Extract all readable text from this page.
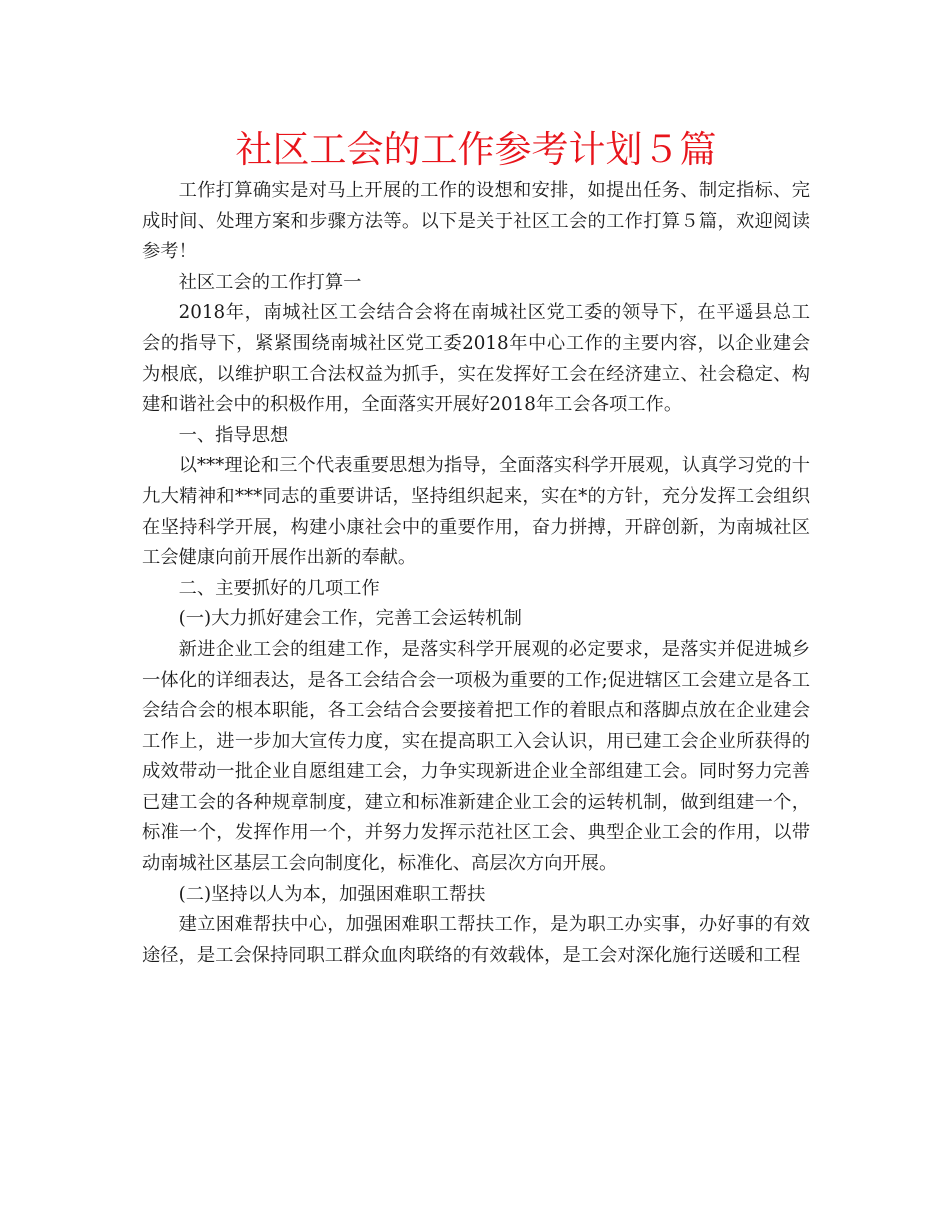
社区工会的工作参考计划５篇

工作打算确实是对马上开展的工作的设想和安排，如提出任务、制定指标、完成时间、处理方案和步骤方法等。以下是关于社区工会的工作打算５篇，欢迎阅读参考！

社区工会的工作打算一

2018年，南城社区工会结合会将在南城社区党工委的领导下，在平遥县总工会的指导下，紧紧围绕南城社区党工委2018年中心工作的主要内容，以企业建会为根底，以维护职工合法权益为抓手，实在发挥好工会在经济建立、社会稳定、构建和谐社会中的积极作用，全面落实开展好2018年工会各项工作。

一、指导思想

以***理论和三个代表重要思想为指导，全面落实科学开展观，认真学习党的十九大精神和***同志的重要讲话，坚持组织起来，实在*的方针，充分发挥工会组织在坚持科学开展，构建小康社会中的重要作用，奋力拼搏，开辟创新，为南城社区工会健康向前开展作出新的奉献。

二、主要抓好的几项工作

(一)大力抓好建会工作，完善工会运转机制

新进企业工会的组建工作，是落实科学开展观的必定要求，是落实并促进城乡一体化的详细表达，是各工会结合会一项极为重要的工作;促进辖区工会建立是各工会结合会的根本职能，各工会结合会要接着把工作的着眼点和落脚点放在企业建会工作上，进一步加大宣传力度，实在提高职工入会认识，用已建工会企业所获得的成效带动一批企业自愿组建工会，力争实现新进企业全部组建工会。同时努力完善已建工会的各种规章制度，建立和标准新建企业工会的运转机制，做到组建一个，标准一个，发挥作用一个，并努力发挥示范社区工会、典型企业工会的作用，以带动南城社区基层工会向制度化，标准化、高层次方向开展。

(二)坚持以人为本，加强困难职工帮扶

建立困难帮扶中心，加强困难职工帮扶工作，是为职工办实事，办好事的有效途径，是工会保持同职工群众血肉联络的有效载体，是工会对深化施行送暖和工程
